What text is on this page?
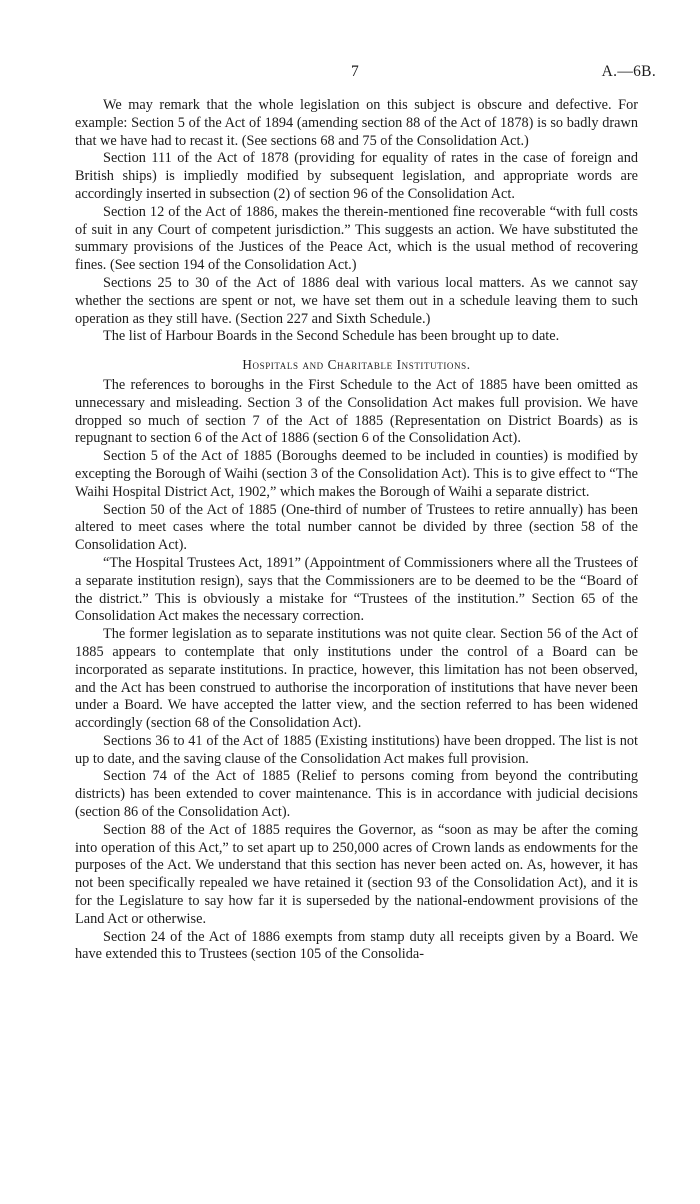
7	A.—6B.

We may remark that the whole legislation on this subject is obscure and defective. For example: Section 5 of the Act of 1894 (amending section 88 of the Act of 1878) is so badly drawn that we have had to recast it. (See sections 68 and 75 of the Consolidation Act.)

Section 111 of the Act of 1878 (providing for equality of rates in the case of foreign and British ships) is impliedly modified by subsequent legislation, and appropriate words are accordingly inserted in subsection (2) of section 96 of the Consolidation Act.

Section 12 of the Act of 1886, makes the therein-mentioned fine recoverable “with full costs of suit in any Court of competent jurisdiction.” This suggests an action. We have substituted the summary provisions of the Justices of the Peace Act, which is the usual method of recovering fines. (See section 194 of the Consolidation Act.)

Sections 25 to 30 of the Act of 1886 deal with various local matters. As we cannot say whether the sections are spent or not, we have set them out in a schedule leaving them to such operation as they still have. (Section 227 and Sixth Schedule.)

The list of Harbour Boards in the Second Schedule has been brought up to date.

Hospitals and Charitable Institutions.

The references to boroughs in the First Schedule to the Act of 1885 have been omitted as unnecessary and misleading. Section 3 of the Consolidation Act makes full provision. We have dropped so much of section 7 of the Act of 1885 (Representation on District Boards) as is repugnant to section 6 of the Act of 1886 (section 6 of the Consolidation Act).

Section 5 of the Act of 1885 (Boroughs deemed to be included in counties) is modified by excepting the Borough of Waihi (section 3 of the Consolidation Act). This is to give effect to “The Waihi Hospital District Act, 1902,” which makes the Borough of Waihi a separate district.

Section 50 of the Act of 1885 (One-third of number of Trustees to retire annually) has been altered to meet cases where the total number cannot be divided by three (section 58 of the Consolidation Act).

“The Hospital Trustees Act, 1891” (Appointment of Commissioners where all the Trustees of a separate institution resign), says that the Commissioners are to be deemed to be the “Board of the district.” This is obviously a mistake for “Trustees of the institution.” Section 65 of the Consolidation Act makes the necessary correction.

The former legislation as to separate institutions was not quite clear. Section 56 of the Act of 1885 appears to contemplate that only institutions under the control of a Board can be incorporated as separate institutions. In practice, however, this limitation has not been observed, and the Act has been construed to authorise the incorporation of institutions that have never been under a Board. We have accepted the latter view, and the section referred to has been widened accordingly (section 68 of the Consolidation Act).

Sections 36 to 41 of the Act of 1885 (Existing institutions) have been dropped. The list is not up to date, and the saving clause of the Consolidation Act makes full provision.

Section 74 of the Act of 1885 (Relief to persons coming from beyond the contributing districts) has been extended to cover maintenance. This is in accordance with judicial decisions (section 86 of the Consolidation Act).

Section 88 of the Act of 1885 requires the Governor, as “soon as may be after the coming into operation of this Act,” to set apart up to 250,000 acres of Crown lands as endowments for the purposes of the Act. We understand that this section has never been acted on. As, however, it has not been specifically repealed we have retained it (section 93 of the Consolidation Act), and it is for the Legislature to say how far it is superseded by the national-endowment provisions of the Land Act or otherwise.

Section 24 of the Act of 1886 exempts from stamp duty all receipts given by a Board. We have extended this to Trustees (section 105 of the Consolida-
